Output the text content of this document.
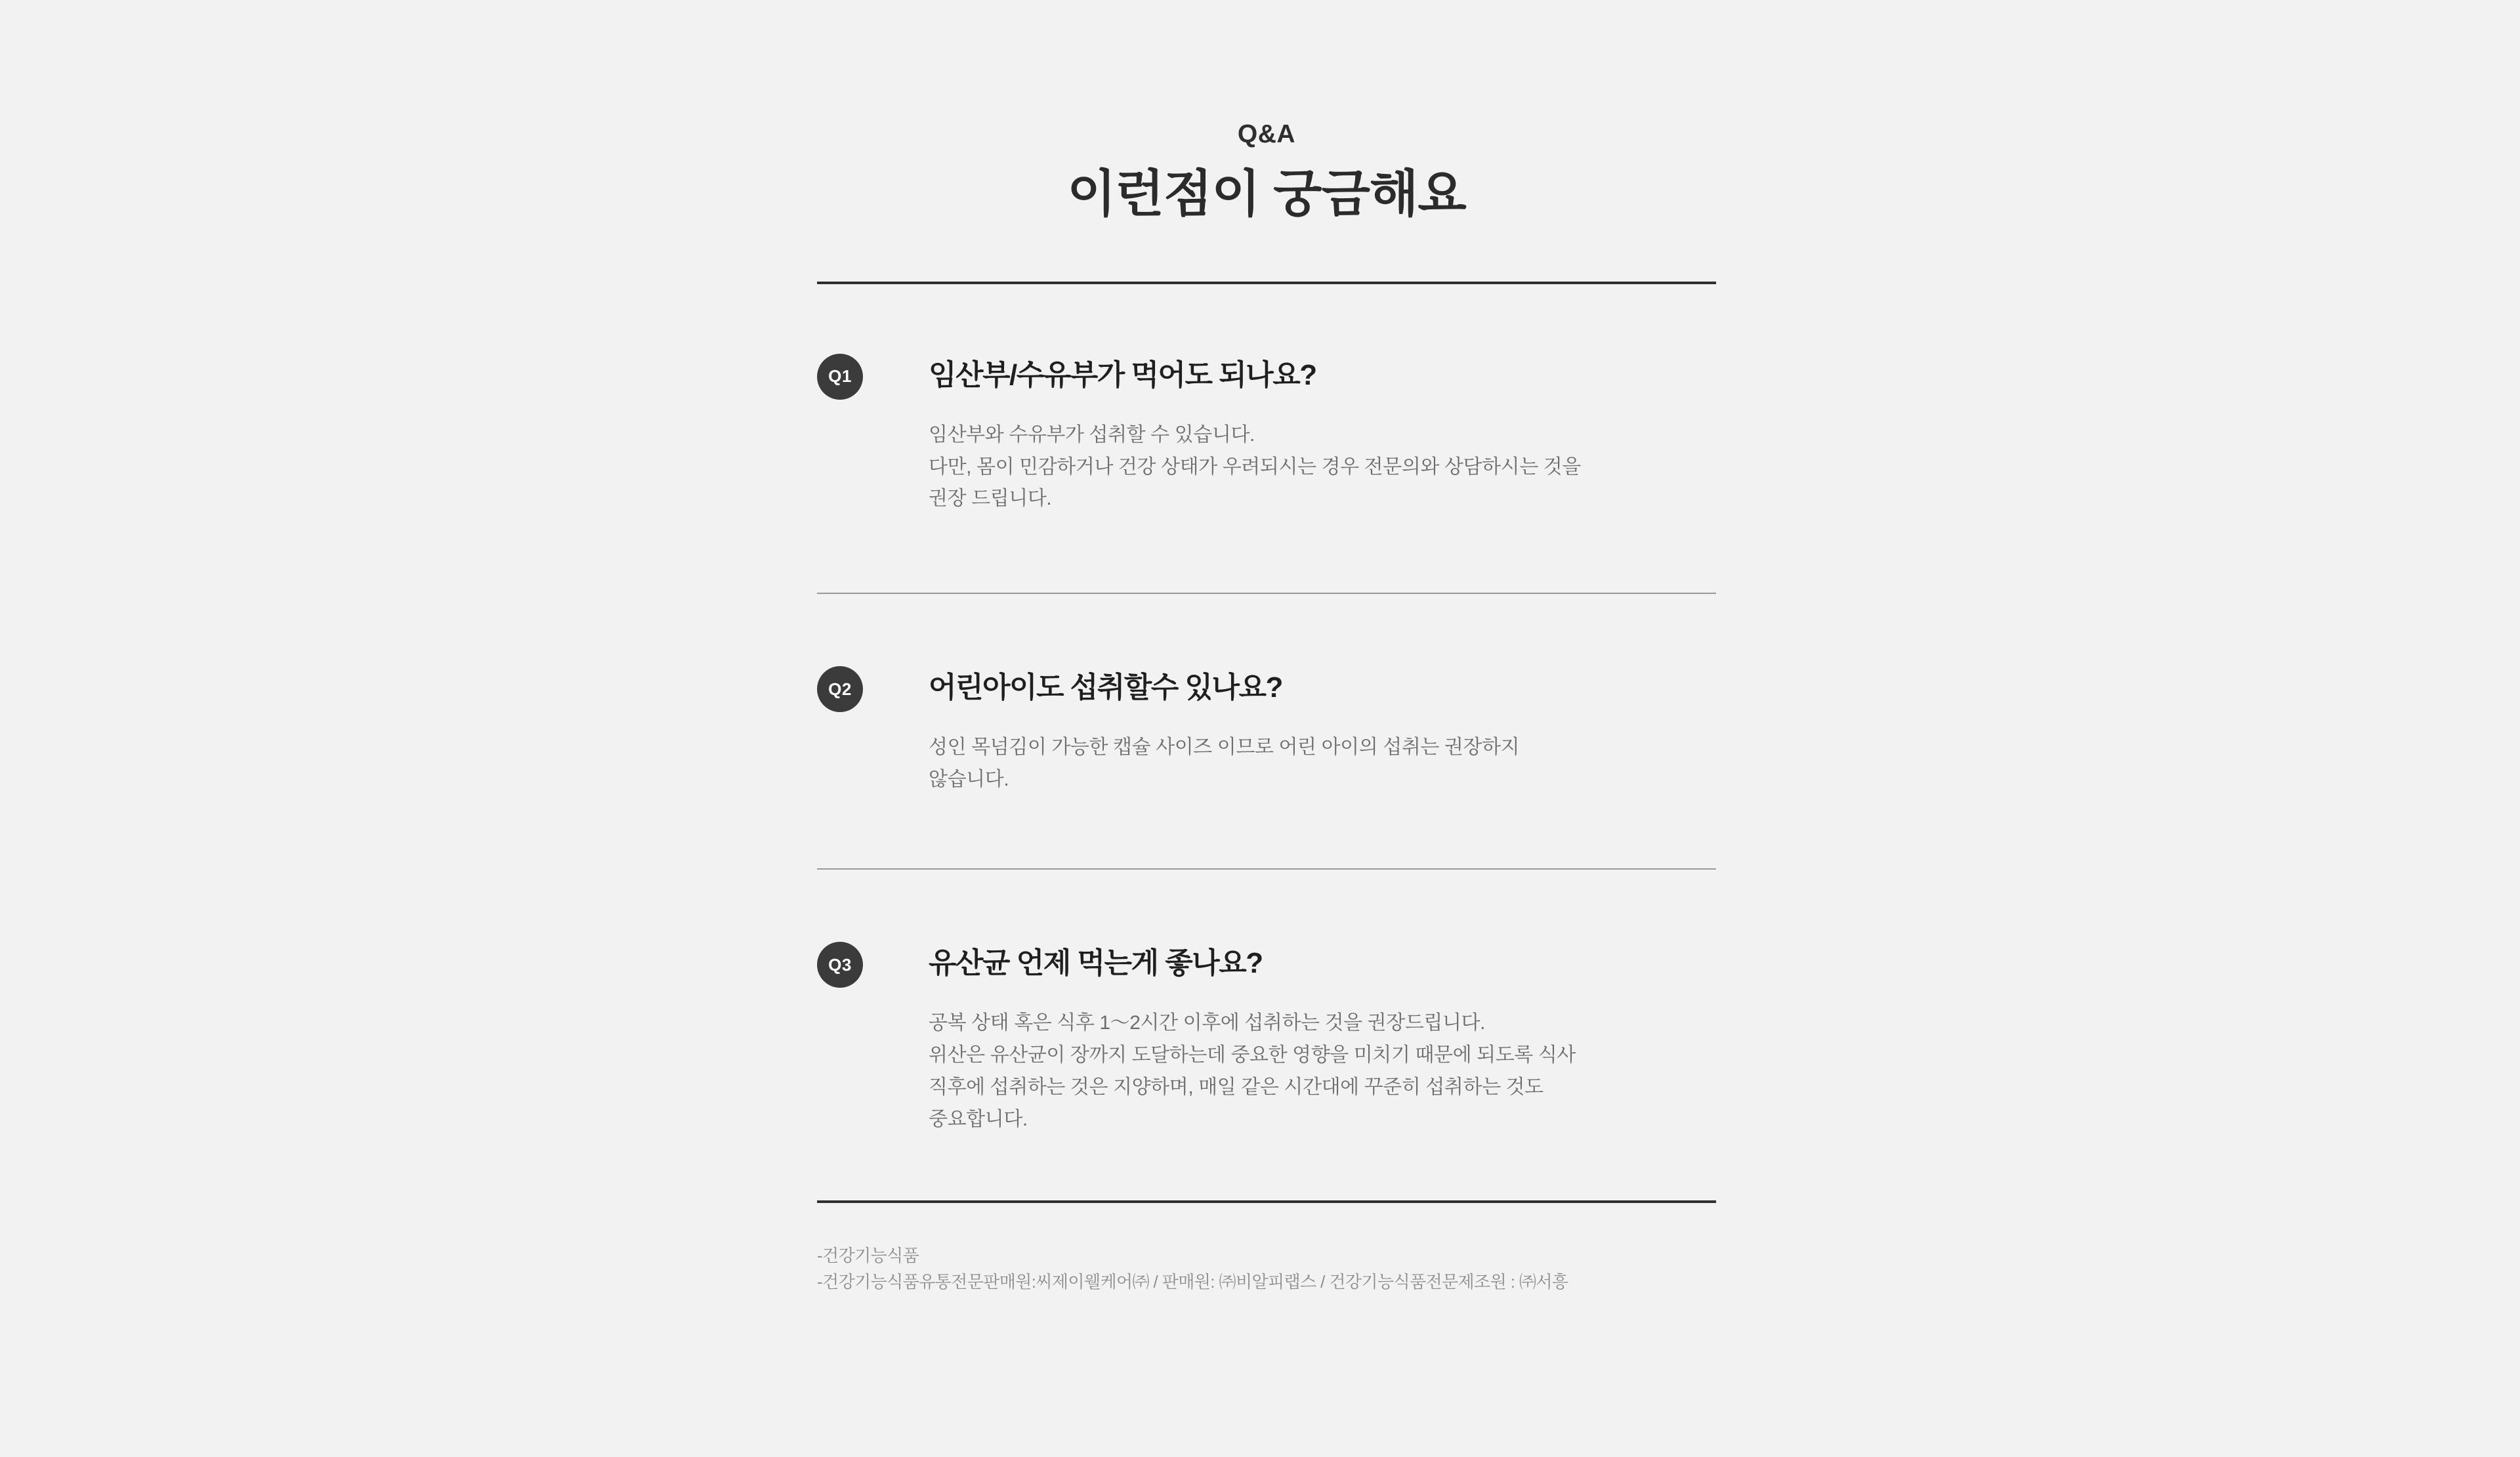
Q&A
이런점이 궁금해요
Q1	임산부/수유부가 먹어도 되나요?
임산부와 수유부가 섭취할 수 있습니다.
다만, 몸이 민감하거나 건강 상태가 우려되시는 경우 전문의와 상담하시는 것을
권장 드립니다.
Q2	어린아이도 섭취할수 있나요?
성인 목넘김이 가능한 캡슐 사이즈 이므로 어린 아이의 섭취는 권장하지
않습니다.
Q3	유산균 언제 먹는게 좋나요?
공복 상태 혹은 식후 1～2시간 이후에 섭취하는 것을 권장드립니다.
위산은 유산균이 장까지 도달하는데 중요한 영향을 미치기 때문에 되도록 식사
직후에 섭취하는 것은 지양하며, 매일 같은 시간대에 꾸준히 섭취하는 것도
중요합니다.
-건강기능식품
-건강기능식품유통전문판매원:씨제이웰케어㈜ / 판매원: ㈜비알피랩스 / 건강기능식품전문제조원 : ㈜서흥
